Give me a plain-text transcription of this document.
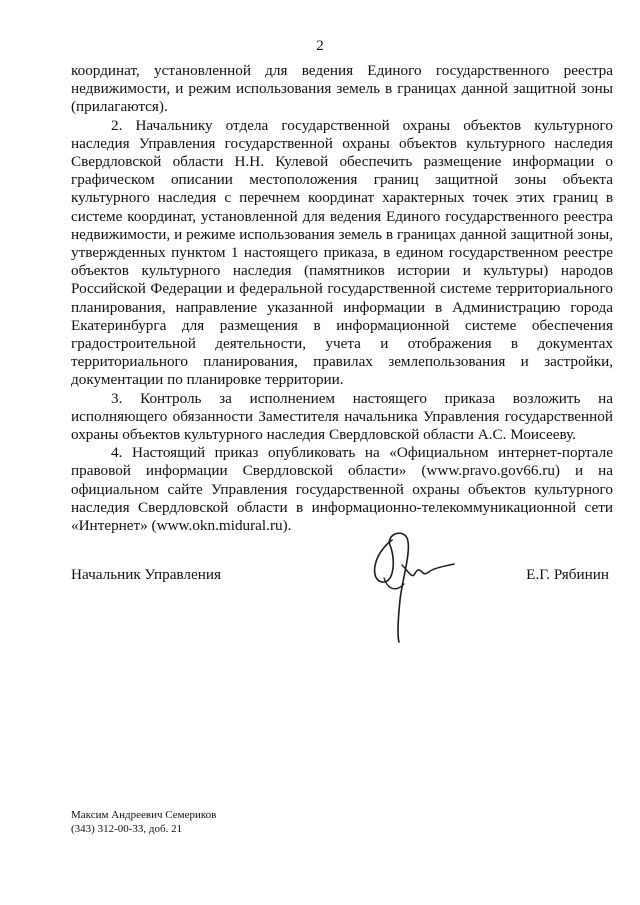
2

координат, установленной для ведения Единого государственного реестра недвижимости, и режим использования земель в границах данной защитной зоны (прилагаются).

2. Начальнику отдела государственной охраны объектов культурного наследия Управления государственной охраны объектов культурного наследия Свердловской области Н.Н. Кулевой обеспечить размещение информации о графическом описании местоположения границ защитной зоны объекта культурного наследия с перечнем координат характерных точек этих границ в системе координат, установленной для ведения Единого государственного реестра недвижимости, и режиме использования земель в границах данной защитной зоны, утвержденных пунктом 1 настоящего приказа, в едином государственном реестре объектов культурного наследия (памятников истории и культуры) народов Российской Федерации и федеральной государственной системе территориального планирования, направление указанной информации в Администрацию города Екатеринбурга для размещения в информационной системе обеспечения градостроительной деятельности, учета и отображения в документах территориального планирования, правилах землепользования и застройки, документации по планировке территории.

3. Контроль за исполнением настоящего приказа возложить на исполняющего обязанности Заместителя начальника Управления государственной охраны объектов культурного наследия Свердловской области А.С. Моисееву.

4. Настоящий приказ опубликовать на «Официальном интернет-портале правовой информации Свердловской области» (www.pravo.gov66.ru) и на официальном сайте Управления государственной охраны объектов культурного наследия Свердловской области в информационно-телекоммуникационной сети «Интернет» (www.okn.midural.ru).

Начальник Управления	Е.Г. Рябинин
Максим Андреевич Семериков
(343) 312-00-33, доб. 21
